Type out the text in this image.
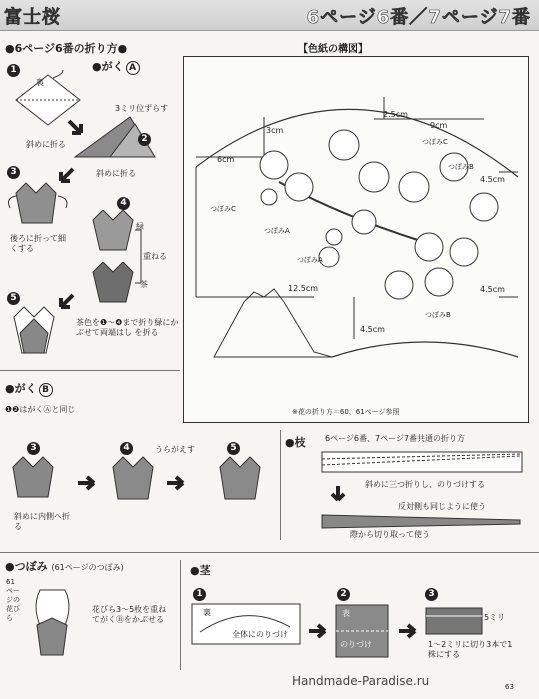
富士桜	6ページ6番／7ページ7番
●6ページ6番の折り方●
●がく A
1
裏
斜めに折る
3ミリ位ずらす
2
斜めに折る
3
後ろに折って細くする
4
緑
重ねる
茶
5
茶色を❶～❹まで折り緑にかぶせて両端はし を折る
【色紙の構図】
2.5cm
3cm
9cm
6cm
4.5cm
12.5cm
4.5cm
4.5cm
つぼみA
つぼみA
つぼみC
つぼみC
つぼみB
つぼみB
※花の折り方＝60、61ページ参照
●がく B
❶❷はがくⒶと同じ
3
斜めに内側へ折る
4	うらがえす	5	●枝 6ページ6番、7ページ7番共通の折り方
斜めに三つ折りし、のりづけする
反対側も同じように使う
際から切り取って使う
●つぼみ (61ページのつぼみ)
61ページの花びら
花びら3～5枚を重ねてがくⒷをかぶせる
●茎
1
裏
全体にのりづけ
2
表
のりづけ
3
5ミリ
1～2ミリに切り3本で1株にする
Handmade-Paradise.ru	63
